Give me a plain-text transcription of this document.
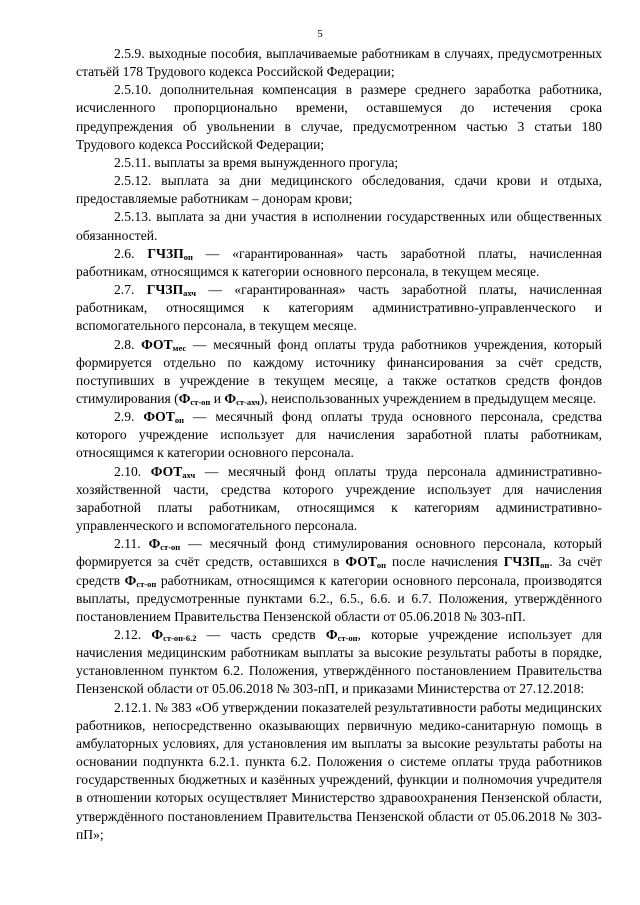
5

2.5.9. выходные пособия, выплачиваемые работникам в случаях, предусмотренных статьёй 178 Трудового кодекса Российской Федерации;

2.5.10. дополнительная компенсация в размере среднего заработка работника, исчисленного пропорционально времени, оставшемуся до истечения срока предупреждения об увольнении в случае, предусмотренном частью 3 статьи 180 Трудового кодекса Российской Федерации;

2.5.11. выплаты за время вынужденного прогула;

2.5.12. выплата за дни медицинского обследования, сдачи крови и отдыха, предоставляемые работникам – донорам крови;

2.5.13. выплата за дни участия в исполнении государственных или общественных обязанностей.

2.6. $ГЧЗП_{оп}$ — «гарантированная» часть заработной платы, начисленная работникам, относящимся к категории основного персонала, в текущем месяце.

2.7. $ГЧЗП_{ахч}$ — «гарантированная» часть заработной платы, начисленная работникам, относящимся к категориям административно-управленческого и вспомогательного персонала, в текущем месяце.

2.8. $ФОТ_{мес}$ — месячный фонд оплаты труда работников учреждения, который формируется отдельно по каждому источнику финансирования за счёт средств, поступивших в учреждение в текущем месяце, а также остатков средств фондов стимулирования ($Ф_{ст-оп}$ и $Ф_{ст-ахч}$), неиспользованных учреждением в предыдущем месяце.

2.9. $ФОТ_{оп}$ — месячный фонд оплаты труда основного персонала, средства которого учреждение использует для начисления заработной платы работникам, относящимся к категории основного персонала.

2.10. $ФОТ_{ахч}$ — месячный фонд оплаты труда персонала административно-хозяйственной части, средства которого учреждение использует для начисления заработной платы работникам, относящимся к категориям административно-управленческого и вспомогательного персонала.

2.11. $Ф_{ст-оп}$ — месячный фонд стимулирования основного персонала, который формируется за счёт средств, оставшихся в $ФОТ_{оп}$ после начисления $ГЧЗП_{оп}$. За счёт средств $Ф_{ст-оп}$ работникам, относящимся к категории основного персонала, производятся выплаты, предусмотренные пунктами 6.2., 6.5., 6.6. и 6.7. Положения, утверждённого постановлением Правительства Пензенской области от 05.06.2018 № 303-пП.

2.12. $Ф_{ст-оп-6.2}$ — часть средств $Ф_{ст-оп}$, которые учреждение использует для начисления медицинским работникам выплаты за высокие результаты работы в порядке, установленном пунктом 6.2. Положения, утверждённого постановлением Правительства Пензенской области от 05.06.2018 № 303-пП, и приказами Министерства от 27.12.2018:

2.12.1. № 383 «Об утверждении показателей результативности работы медицинских работников, непосредственно оказывающих первичную медико-санитарную помощь в амбулаторных условиях, для установления им выплаты за высокие результаты работы на основании подпункта 6.2.1. пункта 6.2. Положения о системе оплаты труда работников государственных бюджетных и казённых учреждений, функции и полномочия учредителя в отношении которых осуществляет Министерство здравоохранения Пензенской области, утверждённого постановлением Правительства Пензенской области от 05.06.2018 № 303-пП»;
